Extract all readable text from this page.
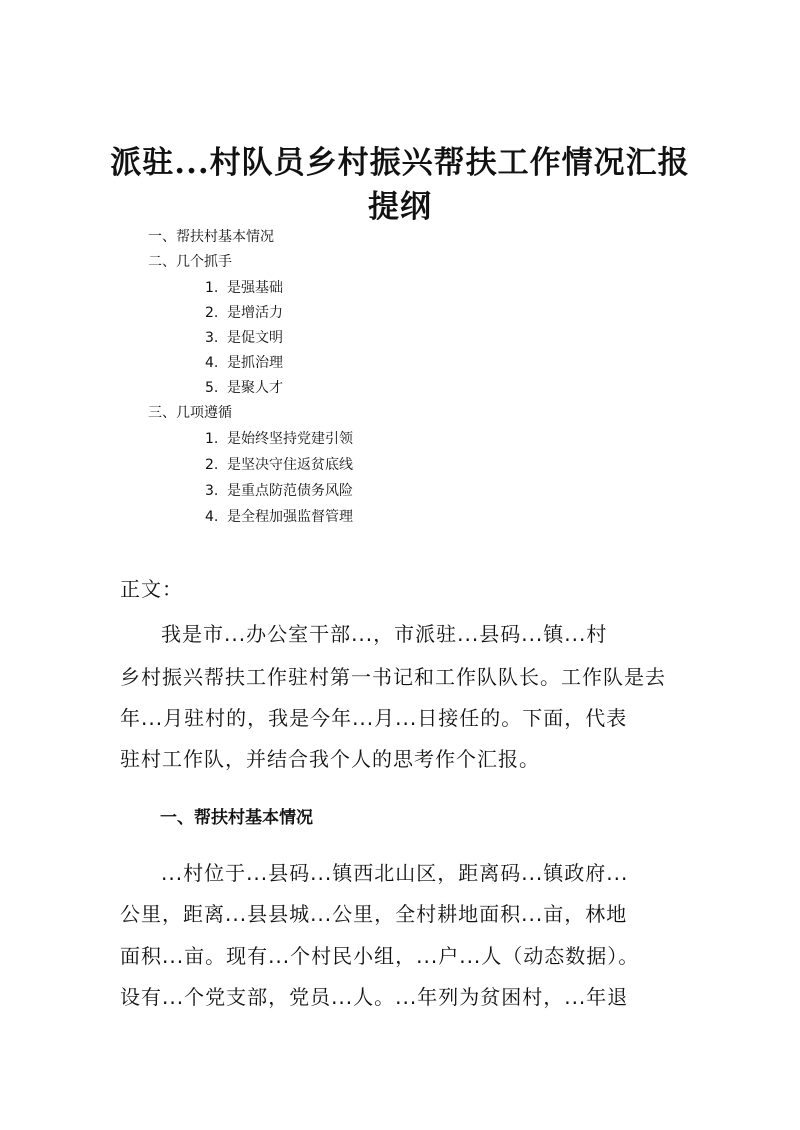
派驻...村队员乡村振兴帮扶工作情况汇报
提纲
一、帮扶村基本情况
二、几个抓手
1. 是强基础
2. 是增活力
3. 是促文明
4. 是抓治理
5. 是聚人才
三、几项遵循
1. 是始终坚持党建引领
2. 是坚决守住返贫底线
3. 是重点防范债务风险
4. 是全程加强监督管理
正文：
我是市...办公室干部...，市派驻...县码...镇...村
乡村振兴帮扶工作驻村第一书记和工作队队长。工作队是去
年...月驻村的，我是今年...月...日接任的。下面，代表
驻村工作队，并结合我个人的思考作个汇报。
一、帮扶村基本情况
...村位于...县码...镇西北山区，距离码...镇政府...
公里，距离...县县城...公里，全村耕地面积...亩，林地
面积...亩。现有...个村民小组，...户...人（动态数据）。
设有...个党支部，党员...人。...年列为贫困村，...年退
